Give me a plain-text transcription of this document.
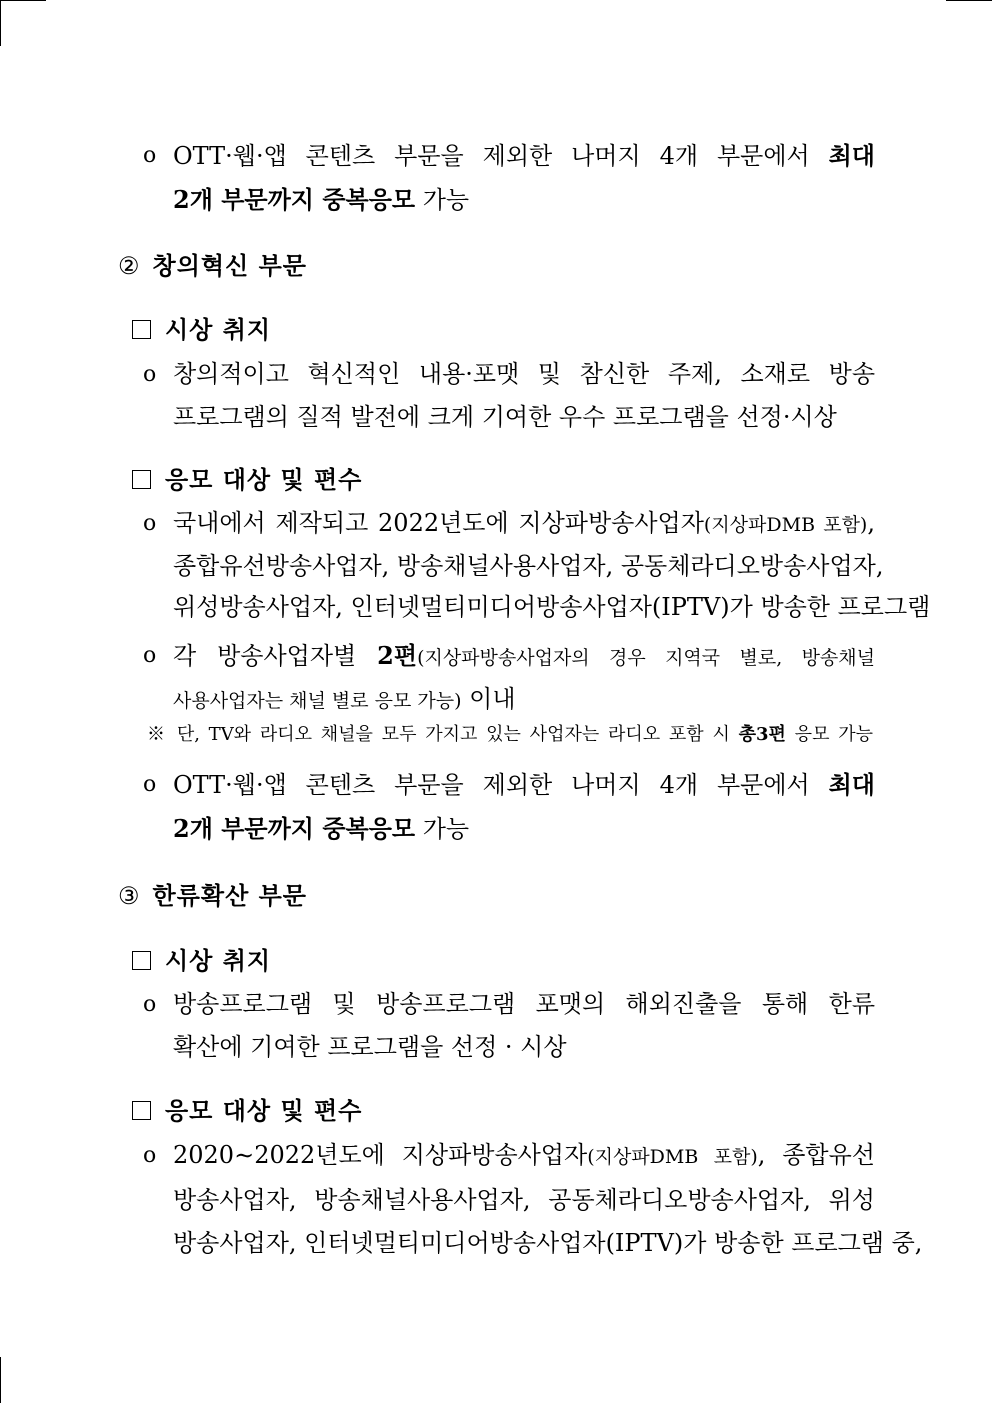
o OTT·웹·앱 콘텐츠 부문을 제외한 나머지 4개 부문에서 최대
2개 부문까지 중복응모 가능
② 창의혁신 부문
시상 취지
o 창의적이고 혁신적인 내용·포맷 및 참신한 주제, 소재로 방송
프로그램의 질적 발전에 크게 기여한 우수 프로그램을 선정·시상
응모 대상 및 편수
o 국내에서 제작되고 2022년도에 지상파방송사업자(지상파DMB 포함),
종합유선방송사업자, 방송채널사용사업자, 공동체라디오방송사업자,
위성방송사업자, 인터넷멀티미디어방송사업자(IPTV)가 방송한 프로그램
o 각 방송사업자별 2편(지상파방송사업자의 경우 지역국 별로, 방송채널
사용사업자는 채널 별로 응모 가능) 이내
※ 단, TV와 라디오 채널을 모두 가지고 있는 사업자는 라디오 포함 시 총3편 응모 가능
o OTT·웹·앱 콘텐츠 부문을 제외한 나머지 4개 부문에서 최대
2개 부문까지 중복응모 가능
③ 한류확산 부문
시상 취지
o 방송프로그램 및 방송프로그램 포맷의 해외진출을 통해 한류
확산에 기여한 프로그램을 선정 · 시상
응모 대상 및 편수
o 2020∼2022년도에 지상파방송사업자(지상파DMB 포함), 종합유선
방송사업자, 방송채널사용사업자, 공동체라디오방송사업자, 위성
방송사업자, 인터넷멀티미디어방송사업자(IPTV)가 방송한 프로그램 중,
